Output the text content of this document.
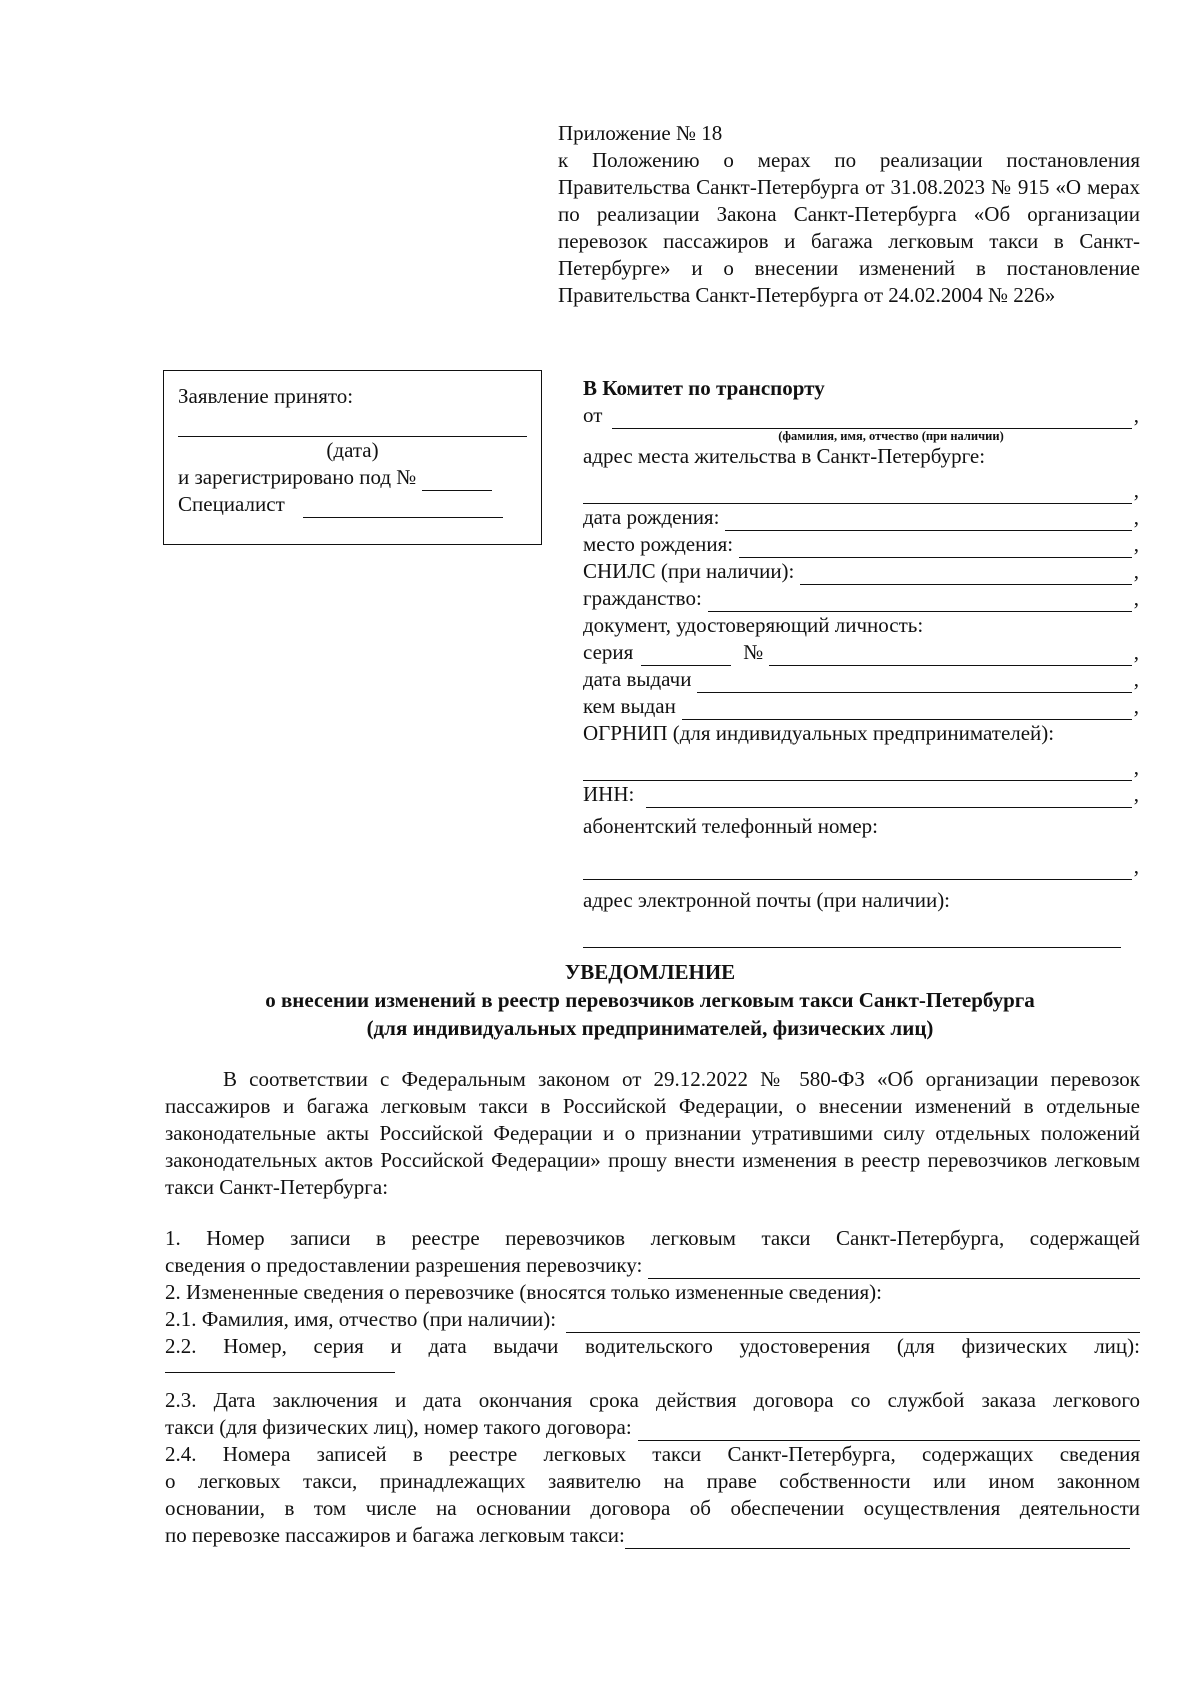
Приложение № 18
к Положению о мерах по реализации постановления Правительства Санкт-Петербурга от 31.08.2023 № 915 «О мерах по реализации Закона Санкт-Петербурга «Об организации перевозок пассажиров и багажа легковым такси в Санкт-Петербурге» и о внесении изменений в постановление Правительства Санкт-Петербурга от 24.02.2004 № 226»
Заявление принято:
(дата)
и зарегистрировано под №
Специалист
В Комитет по транспорту
от	,
(фамилия, имя, отчество (при наличии)
адрес места жительства в Санкт-Петербурге:
,
дата рождения:	,
место рождения:	,
СНИЛС (при наличии):	,
гражданство:	,
документ, удостоверяющий личность:
серия	№	,
дата выдачи	,
кем выдан	,
ОГРНИП (для индивидуальных предпринимателей):
,
ИНН:	,
абонентский телефонный номер:
,
адрес электронной почты (при наличии):
УВЕДОМЛЕНИЕ
о внесении изменений в реестр перевозчиков легковым такси Санкт-Петербурга
(для индивидуальных предпринимателей, физических лиц)
В соответствии с Федеральным законом от 29.12.2022 № 580-ФЗ «Об организации перевозок пассажиров и багажа легковым такси в Российской Федерации, о внесении изменений в отдельные законодательные акты Российской Федерации и о признании утратившими силу отдельных положений законодательных актов Российской Федерации» прошу внести изменения в реестр перевозчиков легковым такси Санкт-Петербурга:
1. Номер записи в реестре перевозчиков легковым такси Санкт-Петербурга, содержащей
сведения о предоставлении разрешения перевозчику:
2. Измененные сведения о перевозчике (вносятся только измененные сведения):
2.1. Фамилия, имя, отчество (при наличии):
2.2. Номер, серия и дата выдачи водительского удостоверения (для физических лиц):
2.3. Дата заключения и дата окончания срока действия договора со службой заказа легкового
такси (для физических лиц), номер такого договора:
2.4. Номера записей в реестре легковых такси Санкт-Петербурга, содержащих сведения
о легковых такси, принадлежащих заявителю на праве собственности или ином законном
основании, в том числе на основании договора об обеспечении осуществления деятельности
по перевозке пассажиров и багажа легковым такси:
